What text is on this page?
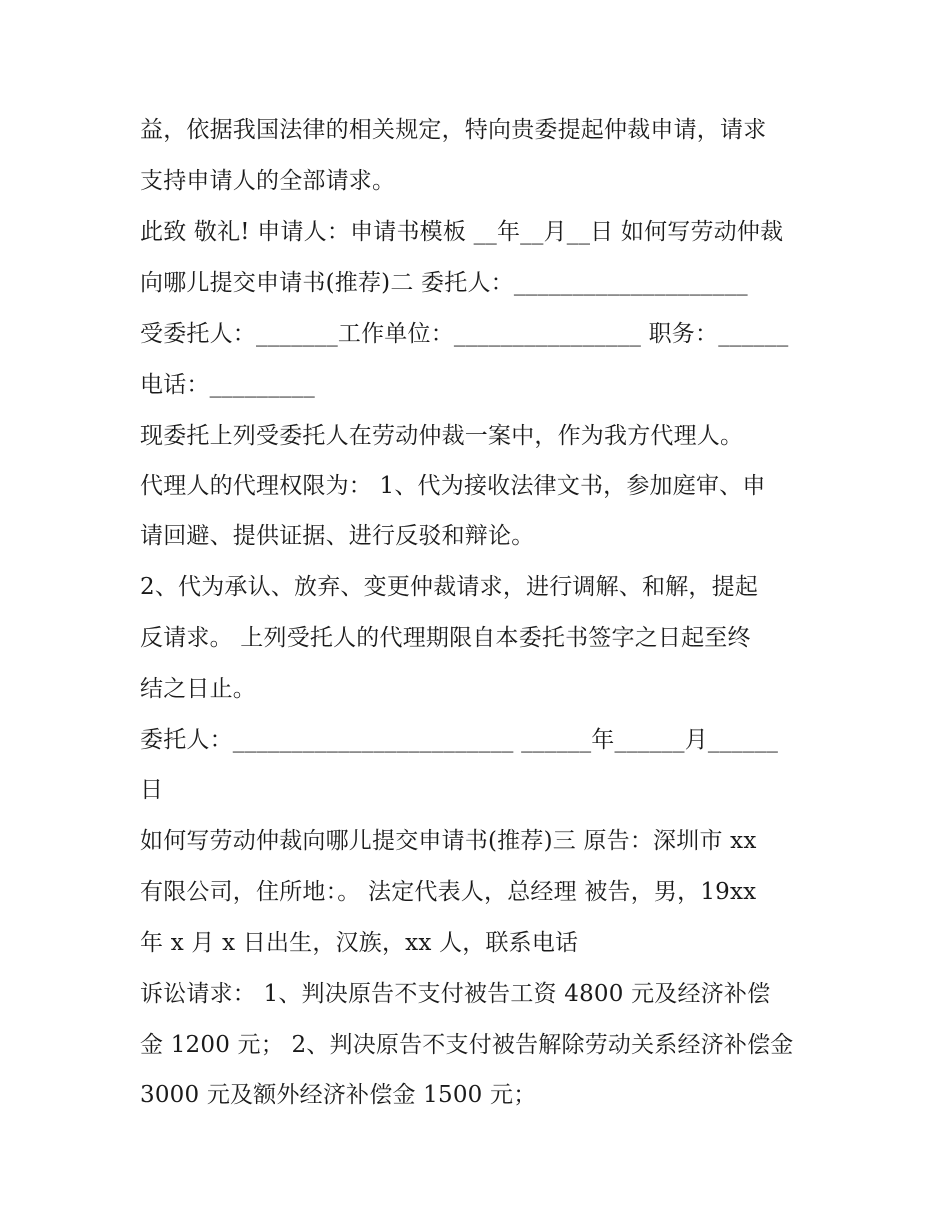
益，依据我国法律的相关规定，特向贵委提起仲裁申请，请求

支持申请人的全部请求。

此致 敬礼! 申请人：申请书模板 __年__月__日 如何写劳动仲裁

向哪儿提交申请书(推荐)二 委托人：____________________

受委托人：_______工作单位：________________ 职务：______

电话：_________

现委托上列受委托人在劳动仲裁一案中，作为我方代理人。

代理人的代理权限为： 1、代为接收法律文书，参加庭审、申

请回避、提供证据、进行反驳和辩论。

2、代为承认、放弃、变更仲裁请求，进行调解、和解，提起

反请求。 上列受托人的代理期限自本委托书签字之日起至终

结之日止。

委托人：________________________ ______年______月______

日

如何写劳动仲裁向哪儿提交申请书(推荐)三 原告：深圳市 xx

有限公司，住所地：。 法定代表人，总经理 被告，男，19xx

年 x 月 x 日出生，汉族，xx 人，联系电话

诉讼请求： 1、判决原告不支付被告工资 4800 元及经济补偿

金 1200 元； 2、判决原告不支付被告解除劳动关系经济补偿金

3000 元及额外经济补偿金 1500 元；
